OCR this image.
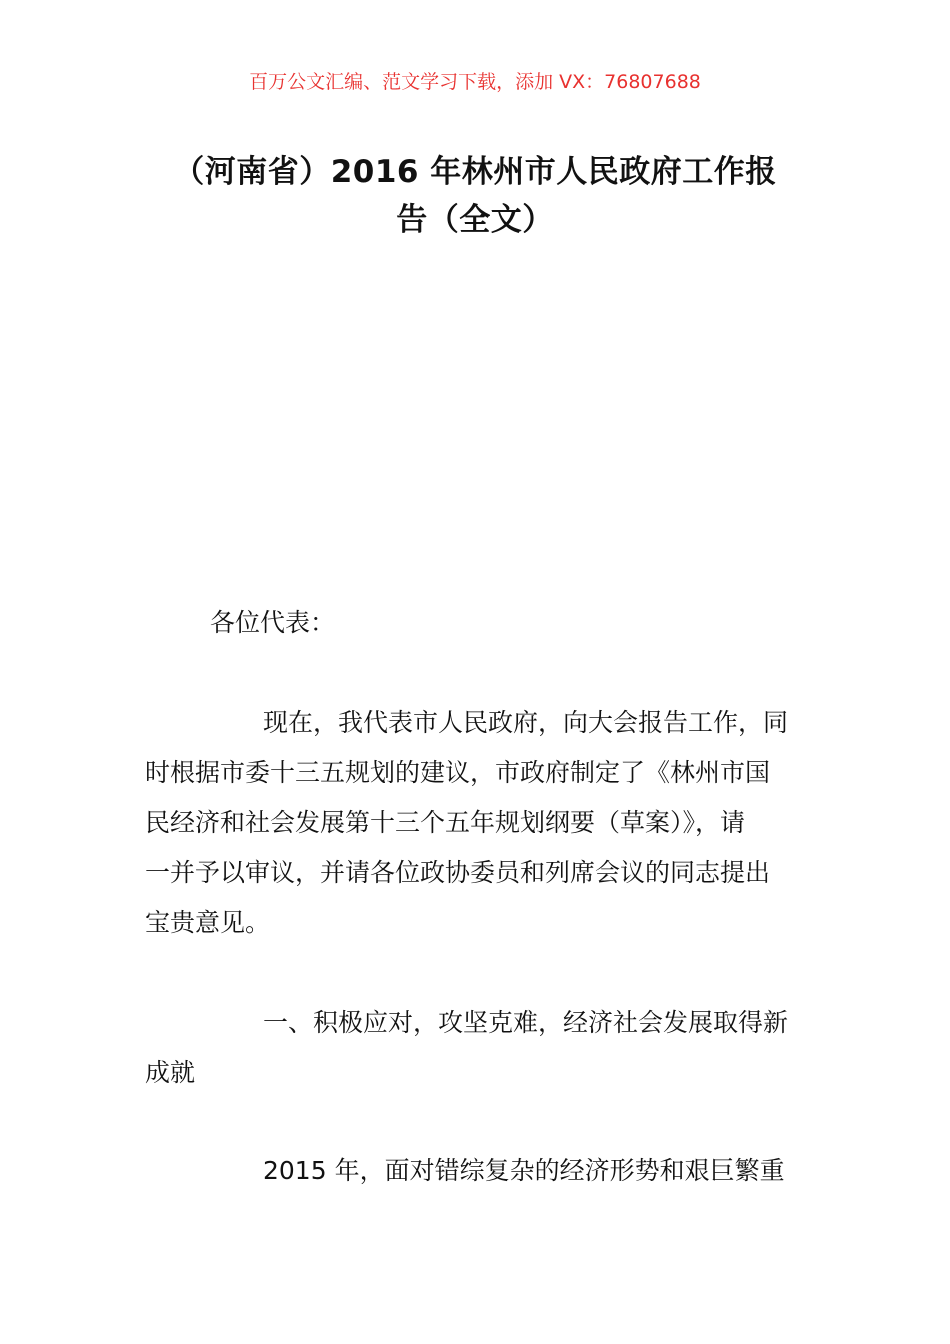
百万公文汇编、范文学习下载，添加 VX：76807688
（河南省）2016 年林州市人民政府工作报
告（全文）

各位代表：

现在，我代表市人民政府，向大会报告工作，同
时根据市委十三五规划的建议，市政府制定了《林州市国
民经济和社会发展第十三个五年规划纲要（草案）》，请
一并予以审议，并请各位政协委员和列席会议的同志提出
宝贵意见。

一、积极应对，攻坚克难，经济社会发展取得新
成就

2015 年，面对错综复杂的经济形势和艰巨繁重
